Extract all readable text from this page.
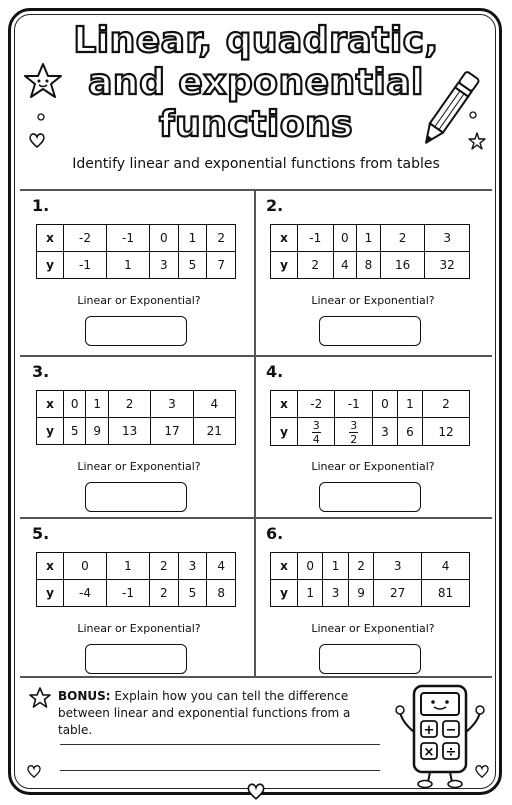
Linear, quadratic, and exponential functions
Identify linear and exponential functions from tables
1.
x	-2	-1	0	1	2
y	-1	1	3	5	7
Linear or Exponential?
2.
x	-1	0	1	2	3
y	2	4	8	16	32
Linear or Exponential?
3.
x	0	1	2	3	4
y	5	9	13	17	21
Linear or Exponential?
4.
x	-2	-1	0	1	2
y	$\frac{3}{4}$	$\frac{3}{2}$	3	6	12
Linear or Exponential?
5.
x	0	1	2	3	4
y	-4	-1	2	5	8
Linear or Exponential?
6.
x	0	1	2	3	4
y	1	3	9	27	81
Linear or Exponential?
BONUS: Explain how you can tell the difference between linear and exponential functions from a table.	+ −
× ÷
